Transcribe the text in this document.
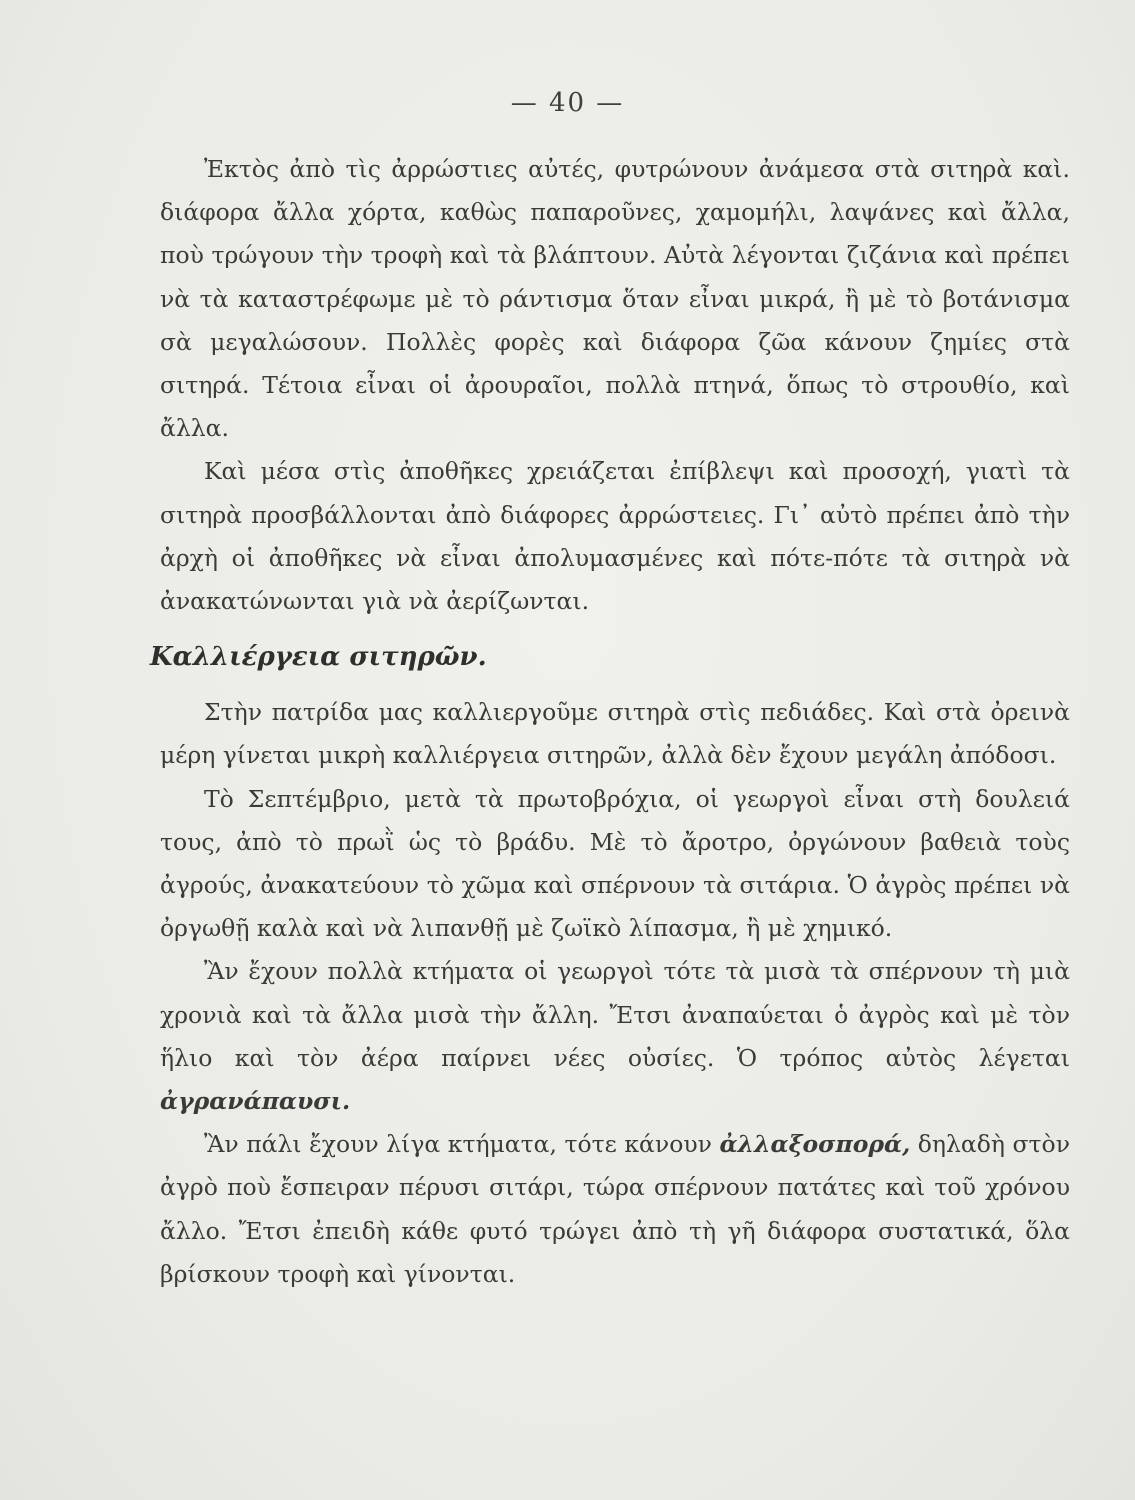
— 40 —

Ἐκτὸς ἀπὸ τὶς ἀρρώστιες αὐτές, φυτρώνουν ἀνάμεσα στὰ σιτηρὰ καὶ. διάφορα ἄλλα χόρτα, καθὼς παπαροῦνες, χαμομήλι, λαψάνες καὶ ἄλλα, ποὺ τρώγουν τὴν τροφὴ καὶ τὰ βλάπτουν. Αὐτὰ λέγονται ζιζάνια καὶ πρέπει νὰ τὰ καταστρέφωμε μὲ τὸ ράντισμα ὅταν εἶναι μικρά, ἢ μὲ τὸ βοτάνισμα σὰ μεγαλώσουν. Πολλὲς φορὲς καὶ διάφορα ζῶα κάνουν ζημίες στὰ σιτηρά. Τέτοια εἶναι οἱ ἀρουραῖοι, πολλὰ πτηνά, ὅπως τὸ στρουθίο, καὶ ἄλλα.

Καὶ μέσα στὶς ἀποθῆκες χρειάζεται ἐπίβλεψι καὶ προσοχή, γιατὶ τὰ σιτηρὰ προσβάλλονται ἀπὸ διάφορες ἀρρώστειες. Γι᾽ αὐτὸ πρέπει ἀπὸ τὴν ἀρχὴ οἱ ἀποθῆκες νὰ εἶναι ἀπολυμασμένες καὶ πότε-πότε τὰ σιτηρὰ νὰ ἀνακατώνωνται γιὰ νὰ ἀερίζωνται.

Καλλιέργεια σιτηρῶν.

Στὴν πατρίδα μας καλλιεργοῦμε σιτηρὰ στὶς πεδιάδες. Καὶ στὰ ὀρεινὰ μέρη γίνεται μικρὴ καλλιέργεια σιτηρῶν, ἀλλὰ δὲν ἔχουν μεγάλη ἀπόδοσι.

Τὸ Σεπτέμβριο, μετὰ τὰ πρωτοβρόχια, οἱ γεωργοὶ εἶναι στὴ δουλειά τους, ἀπὸ τὸ πρωῒ ὡς τὸ βράδυ. Μὲ τὸ ἄροτρο, ὀργώνουν βαθειὰ τοὺς ἀγρούς, ἀνακατεύουν τὸ χῶμα καὶ σπέρνουν τὰ σιτάρια. Ὁ ἀγρὸς πρέπει νὰ ὀργωθῇ καλὰ καὶ νὰ λιπανθῇ μὲ ζωϊκὸ λίπασμα, ἢ μὲ χημικό.

Ἂν ἔχουν πολλὰ κτήματα οἱ γεωργοὶ τότε τὰ μισὰ τὰ σπέρνουν τὴ μιὰ χρονιὰ καὶ τὰ ἄλλα μισὰ τὴν ἄλλη. Ἔτσι ἀναπαύεται ὁ ἀγρὸς καὶ μὲ τὸν ἥλιο καὶ τὸν ἀέρα παίρνει νέες οὐσίες. Ὁ τρόπος αὐτὸς λέγεται ἀγρανάπαυσι.

Ἂν πάλι ἔχουν λίγα κτήματα, τότε κάνουν ἀλλαξοσπορά, δηλαδὴ στὸν ἀγρὸ ποὺ ἔσπειραν πέρυσι σιτάρι, τώρα σπέρνουν πατάτες καὶ τοῦ χρόνου ἄλλο. Ἔτσι ἐπειδὴ κάθε φυτό τρώγει ἀπὸ τὴ γῆ διάφορα συστατικά, ὅλα βρίσκουν τροφὴ καὶ γίνονται.
